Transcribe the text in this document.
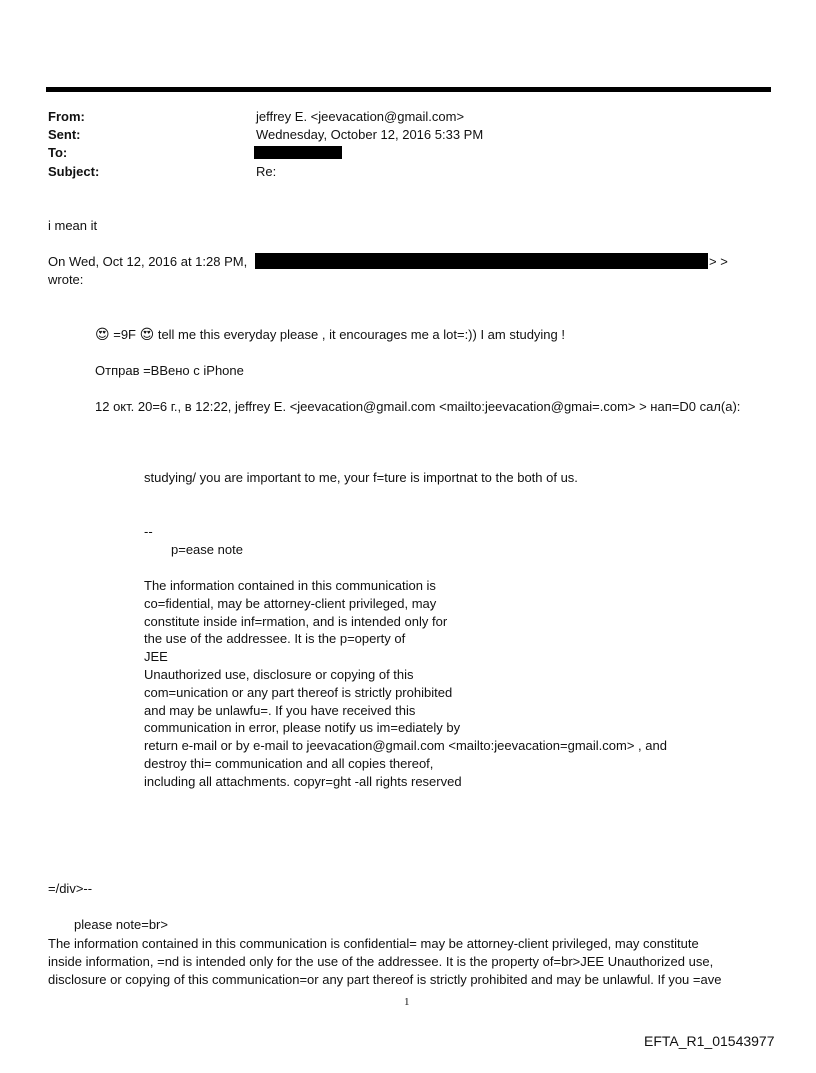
From:	jeffrey E. <jeevacation@gmail.com>
Sent:	Wednesday, October 12, 2016 5:33 PM
To:
Subject:	Re:
i mean it
On Wed, Oct 12, 2016 at 1:28 PM,	> >
wrote:
😍 =9F 😍 tell me this everyday please , it encourages me a lot=:)) I am studying !
Отправ =ВВено с iPhone
12 окт. 20=6 г., в 12:22, jeffrey E. <jeevacation@gmail.com <mailto:jeevacation@gmai=.com> > нап=D0 сал(а):
studying/ you are important to me, your f=ture is importnat to the both of us.
--
p=ease note
The information contained in this communication is
co=fidential, may be attorney-client privileged, may
constitute inside inf=rmation, and is intended only for
the use of the addressee. It is the p=operty of
JEE
Unauthorized use, disclosure or copying of this
com=unication or any part thereof is strictly prohibited
and may be unlawfu=. If you have received this
communication in error, please notify us im=ediately by
return e-mail or by e-mail to jeevacation@gmail.com <mailto:jeevacation=gmail.com> , and
destroy thi= communication and all copies thereof,
including all attachments. copyr=ght -all rights reserved
=/div>--
please note=br>
The information contained in this communication is confidential= may be attorney-client privileged, may constitute
inside information, =nd is intended only for the use of the addressee. It is the property of=br>JEE Unauthorized use,
disclosure or copying of this communication=or any part thereof is strictly prohibited and may be unlawful. If you =ave
1
EFTA_R1_01543977
